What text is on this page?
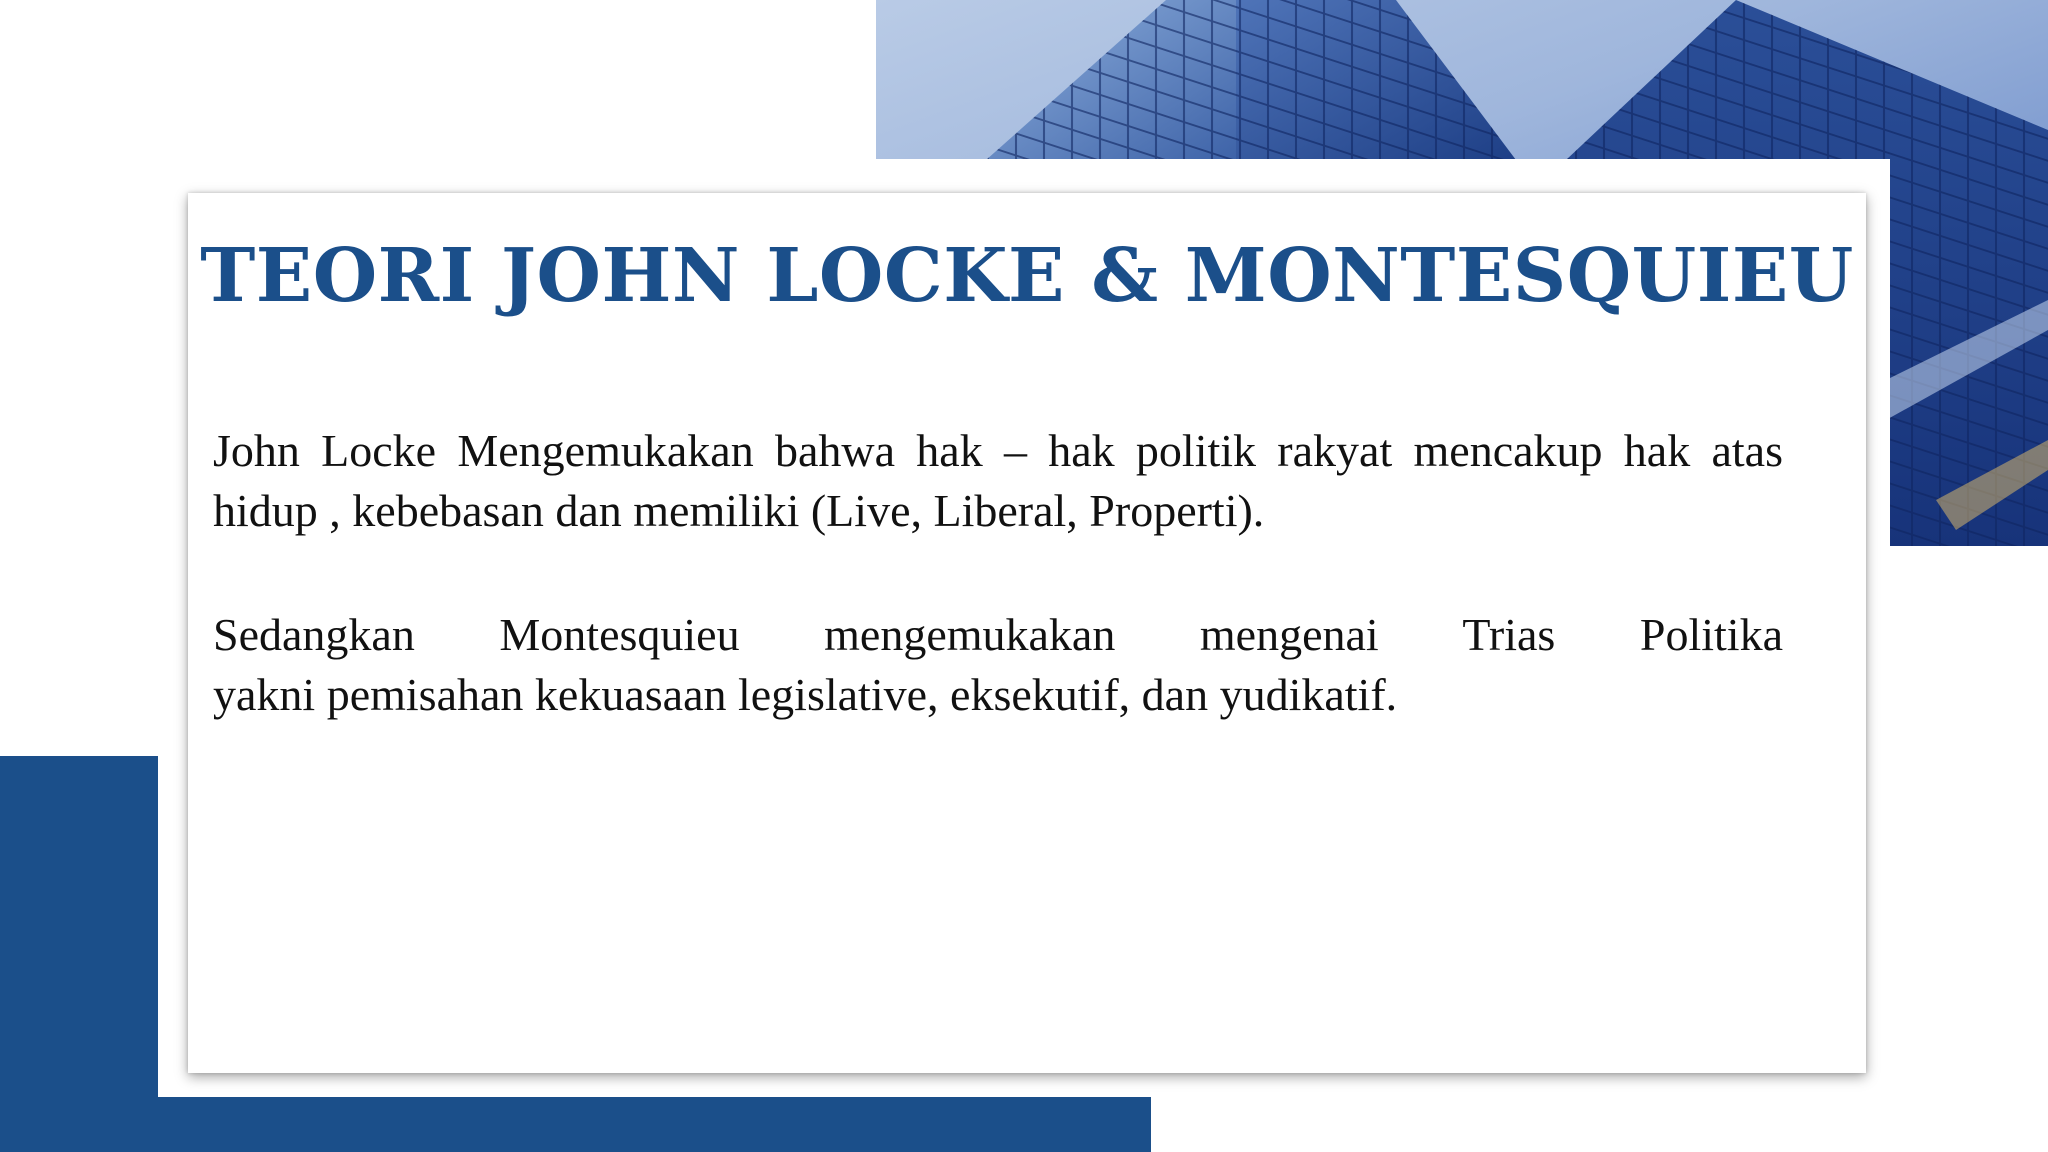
TEORI JOHN LOCKE & MONTESQUIEU
John Locke Mengemukakan bahwa hak – hak politik rakyat mencakup hak atas hidup , kebebasan dan memiliki (Live, Liberal, Properti).
Sedangkan Montesquieu mengemukakan mengenai Trias Politika
yakni pemisahan kekuasaan legislative, eksekutif, dan yudikatif.
